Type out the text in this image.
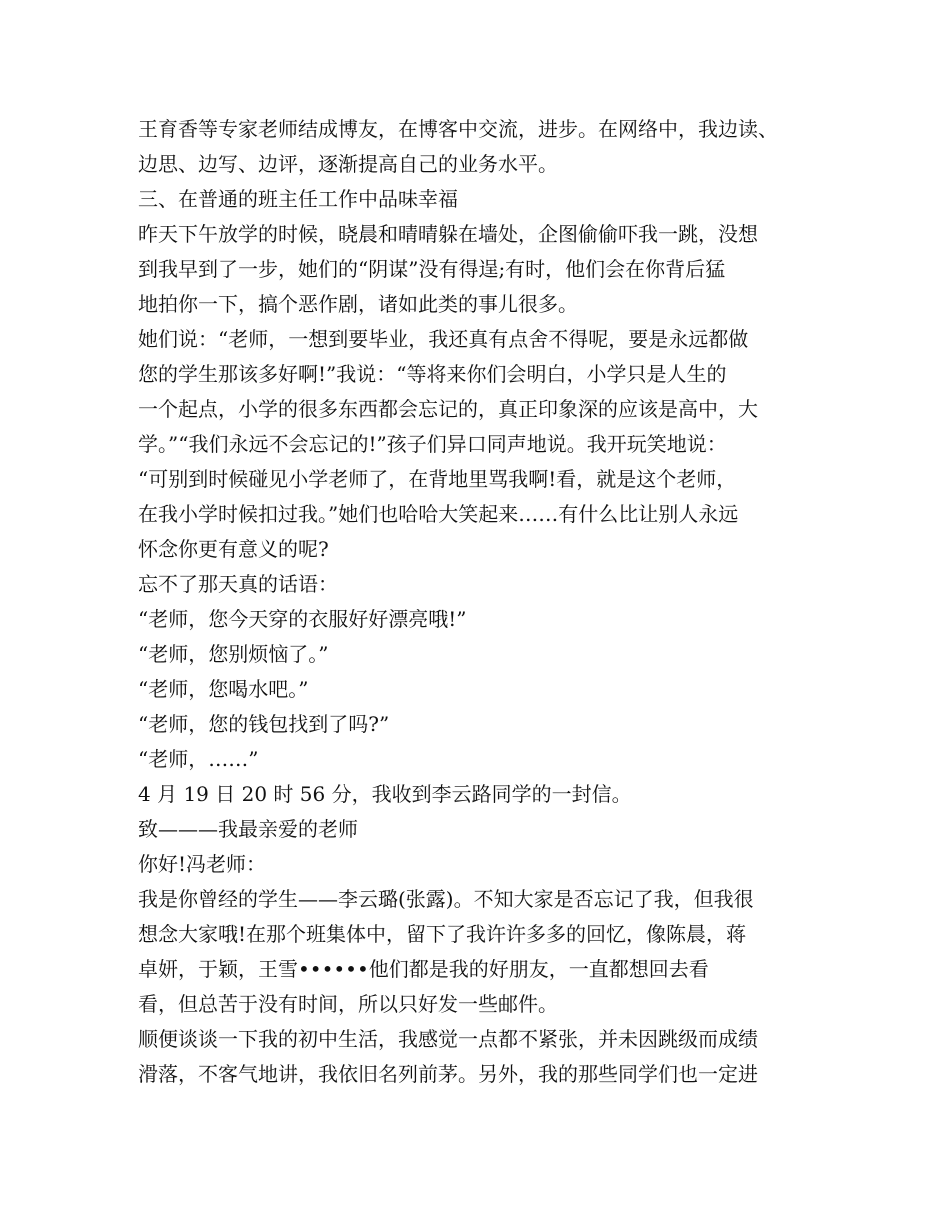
王育香等专家老师结成博友，在博客中交流，进步。在网络中，我边读、
边思、边写、边评，逐渐提高自己的业务水平。
三、在普通的班主任工作中品味幸福
昨天下午放学的时候，晓晨和晴晴躲在墙处，企图偷偷吓我一跳，没想
到我早到了一步，她们的“阴谋”没有得逞;有时，他们会在你背后猛
地拍你一下，搞个恶作剧，诸如此类的事儿很多。
她们说：“老师，一想到要毕业，我还真有点舍不得呢，要是永远都做
您的学生那该多好啊!”我说：“等将来你们会明白，小学只是人生的
一个起点，小学的很多东西都会忘记的，真正印象深的应该是高中，大
学。”“我们永远不会忘记的!”孩子们异口同声地说。我开玩笑地说：
“可别到时候碰见小学老师了，在背地里骂我啊!看，就是这个老师，
在我小学时候扣过我。”她们也哈哈大笑起来……有什么比让别人永远
怀念你更有意义的呢?
忘不了那天真的话语：
“老师，您今天穿的衣服好好漂亮哦!”
“老师，您别烦恼了。”
“老师，您喝水吧。”
“老师，您的钱包找到了吗?”
“老师，……”
4 月 19 日 20 时 56 分，我收到李云路同学的一封信。
致———我最亲爱的老师
你好!冯老师：
我是你曾经的学生——李云璐(张露)。不知大家是否忘记了我，但我很
想念大家哦!在那个班集体中，留下了我许许多多的回忆，像陈晨，蒋
卓妍，于颖，王雪••••••他们都是我的好朋友，一直都想回去看
看，但总苦于没有时间，所以只好发一些邮件。
顺便谈谈一下我的初中生活，我感觉一点都不紧张，并未因跳级而成绩
滑落，不客气地讲，我依旧名列前茅。另外，我的那些同学们也一定进
